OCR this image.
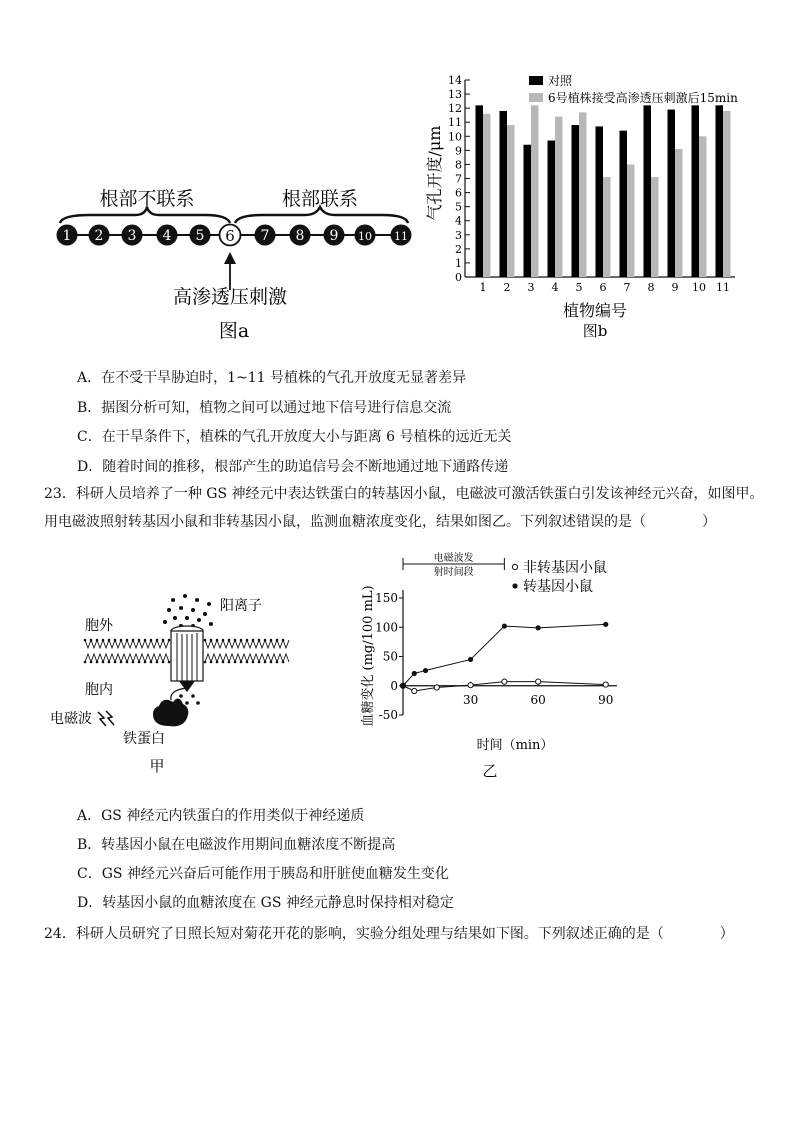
根部不联系	根部联系
1 2 3 4 5 6 7 8 9 10 11
高渗透压刺激
图a
0
1
2
3
4
5
6
7
8
9
10
11
12
13
14
1 2 3 4 5 6 7 8 9 10 11
对照
6号植株接受高渗透压刺激后15min
气孔开度/μm
植物编号
图b
A．在不受干旱胁迫时，1~11 号植株的气孔开放度无显著差异
B．据图分析可知，植物之间可以通过地下信号进行信息交流
C．在干旱条件下，植株的气孔开放度大小与距离 6 号植株的远近无关
D．随着时间的推移，根部产生的助追信号会不断地通过地下通路传递
23．科研人员培养了一种 GS 神经元中表达铁蛋白的转基因小鼠，电磁波可激活铁蛋白引发该神经元兴奋，如图甲。用电磁波照射转基因小鼠和非转基因小鼠，监测血糖浓度变化，结果如图乙。下列叙述错误的是（　　　　）
阳离子
胞外
胞内
电磁波
铁蛋白
甲
电磁波发
射时间段
-50
0
50
100
150
30	60	90
非转基因小鼠
转基因小鼠
血糖变化 (mg/100 mL)
时间（min）
乙
A．GS 神经元内铁蛋白的作用类似于神经递质
B．转基因小鼠在电磁波作用期间血糖浓度不断提高
C．GS 神经元兴奋后可能作用于胰岛和肝脏使血糖发生变化
D．转基因小鼠的血糖浓度在 GS 神经元静息时保持相对稳定
24．科研人员研究了日照长短对菊花开花的影响，实验分组处理与结果如下图。下列叙述正确的是（　　　　）
